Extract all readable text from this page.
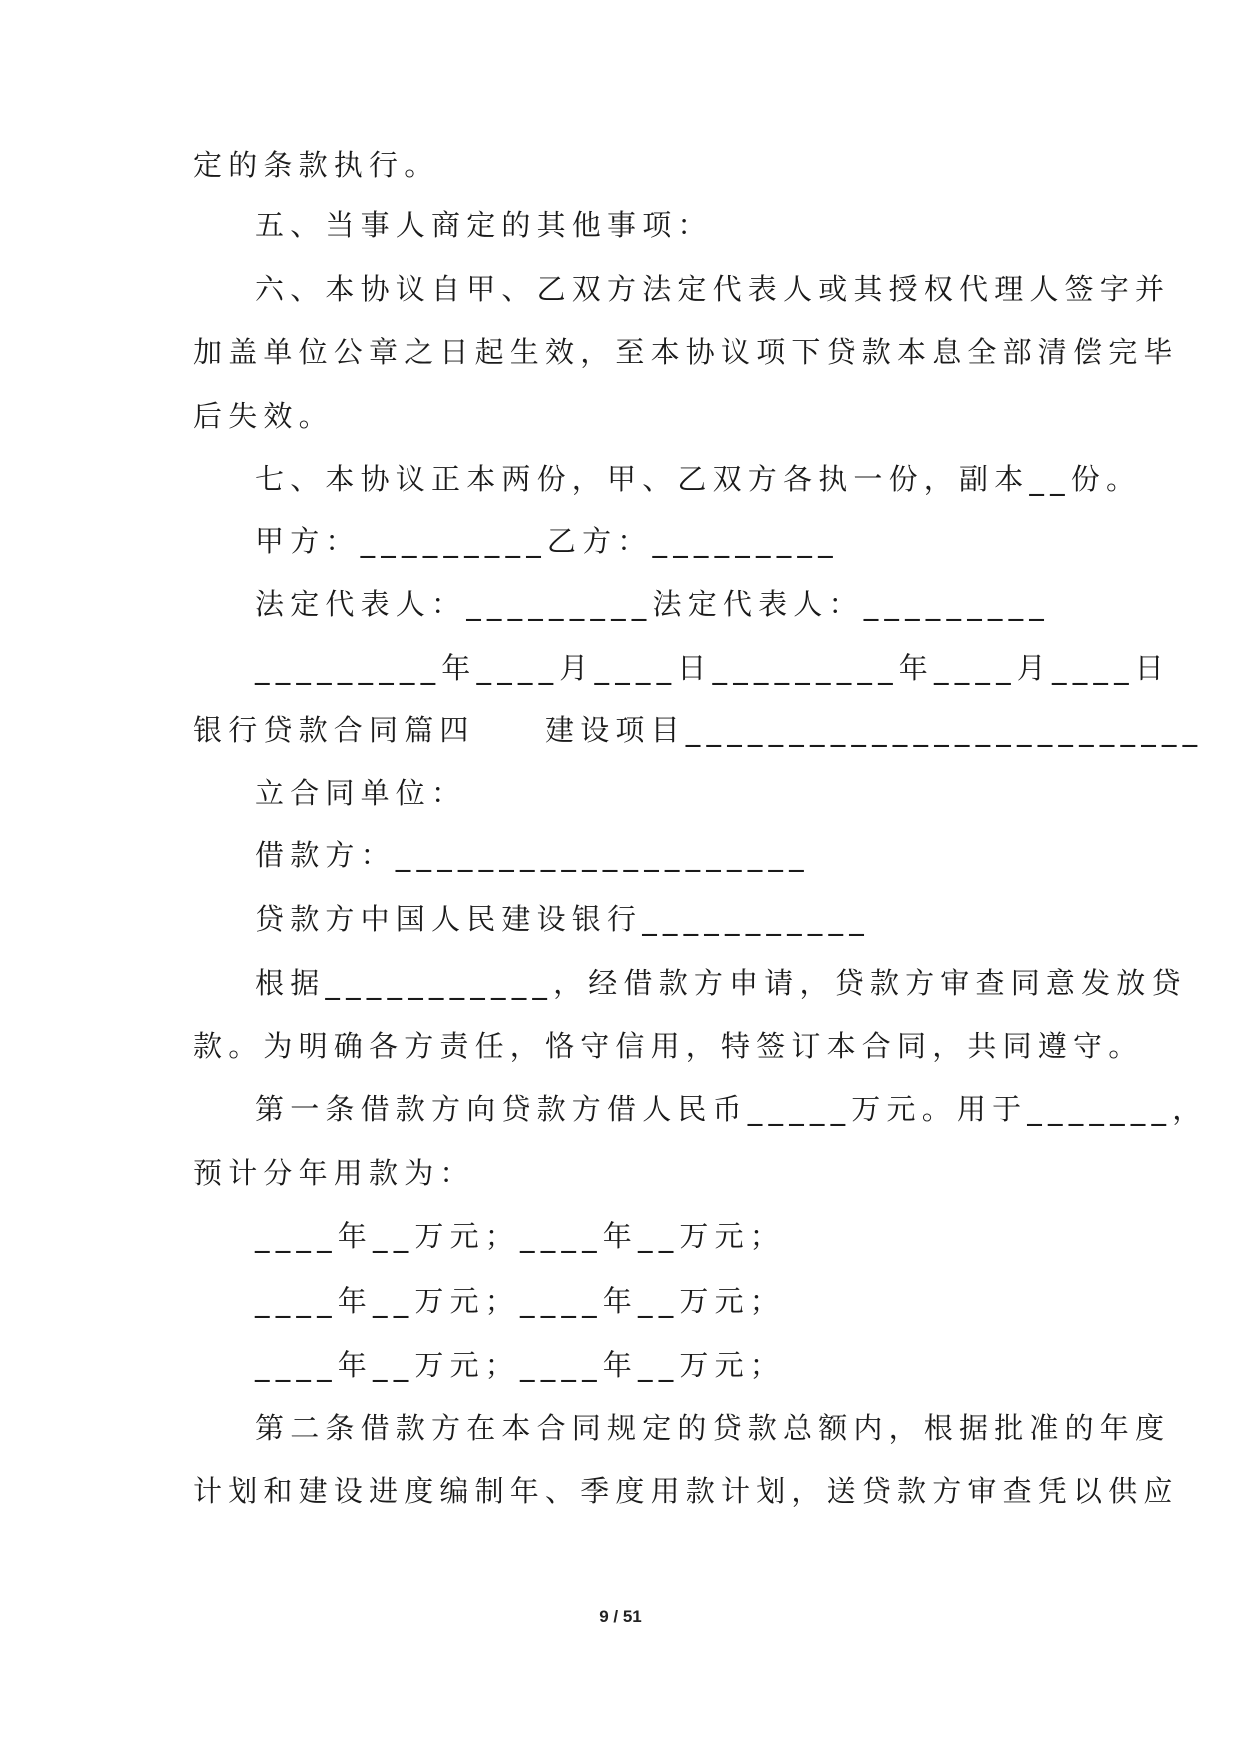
定的条款执行。
五、当事人商定的其他事项：
六、本协议自甲、乙双方法定代表人或其授权代理人签字并
加盖单位公章之日起生效，至本协议项下贷款本息全部清偿完毕
后失效。
七、本协议正本两份，甲、乙双方各执一份，副本__份。
甲方：_________乙方：_________
法定代表人：_________法定代表人：_________
_________年____月____日_________年____月____日
银行贷款合同篇四　　建设项目_________________________
立合同单位：
借款方：____________________
贷款方中国人民建设银行___________
根据___________，经借款方申请，贷款方审查同意发放贷
款。为明确各方责任，恪守信用，特签订本合同，共同遵守。
第一条借款方向贷款方借人民币_____万元。用于_______，
预计分年用款为：
____年__万元；____年__万元；
____年__万元；____年__万元；
____年__万元；____年__万元；
第二条借款方在本合同规定的贷款总额内，根据批准的年度
计划和建设进度编制年、季度用款计划，送贷款方审查凭以供应
9 / 51
